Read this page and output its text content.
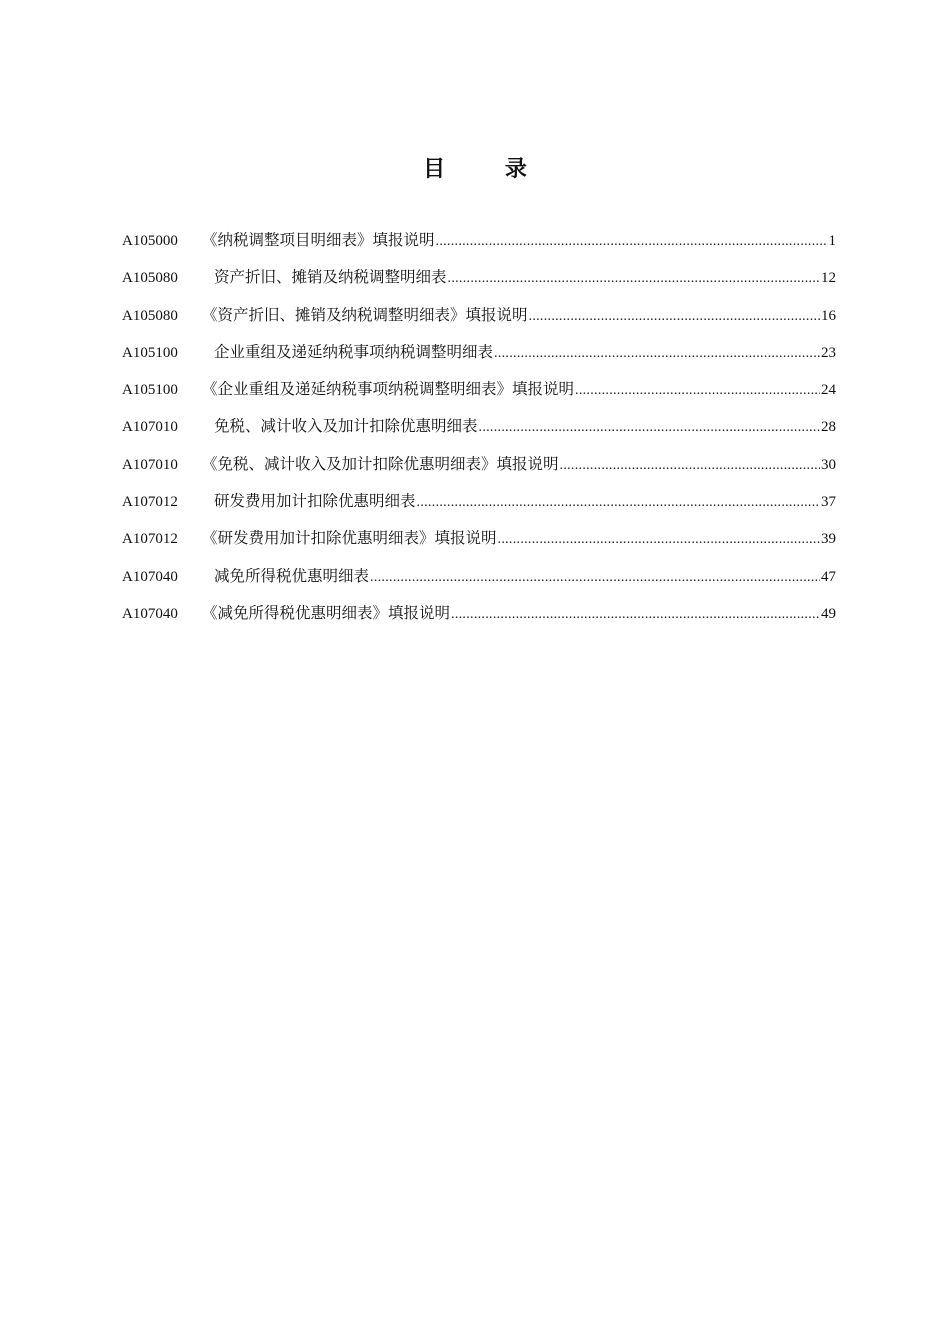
目 录
A105000	《纳税调整项目明细表》填报说明 .....	1
A105080	资产折旧、摊销及纳税调整明细表 .....	12
A105080	《资产折旧、摊销及纳税调整明细表》填报说明 .....	16
A105100	企业重组及递延纳税事项纳税调整明细表 .....	23
A105100	《企业重组及递延纳税事项纳税调整明细表》填报说明 .....	24
A107010	免税、减计收入及加计扣除优惠明细表 .....	28
A107010	《免税、减计收入及加计扣除优惠明细表》填报说明 .....	30
A107012	研发费用加计扣除优惠明细表 .....	37
A107012	《研发费用加计扣除优惠明细表》填报说明 .....	39
A107040	减免所得税优惠明细表 .....	47
A107040	《减免所得税优惠明细表》填报说明 .....	49
